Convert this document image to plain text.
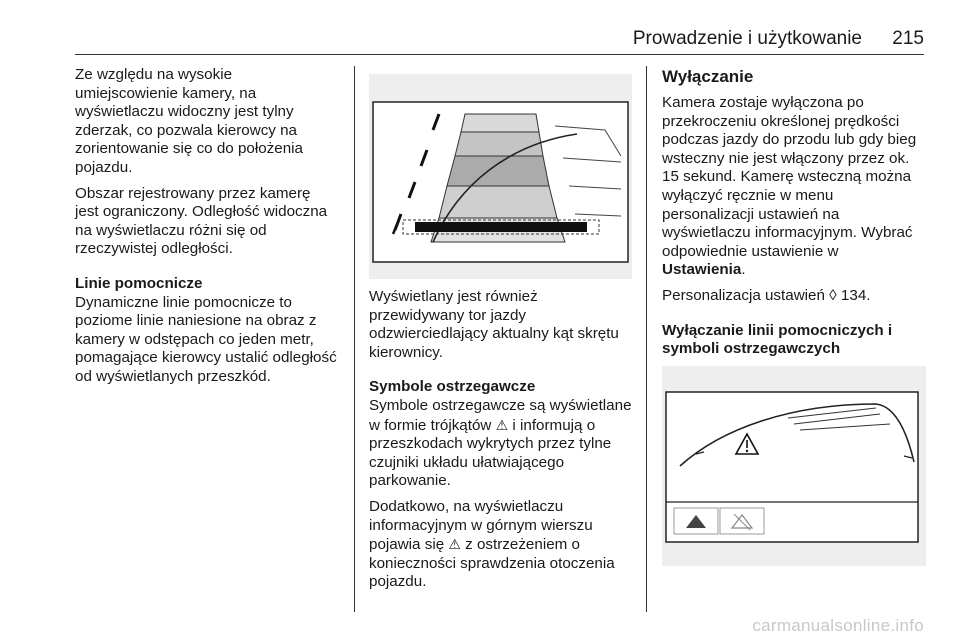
Prowadzenie i użytkowanie 215

Ze względu na wysokie umiejscowienie kamery, na wyświetlaczu widoczny jest tylny zderzak, co pozwala kierowcy na zorientowanie się co do położenia pojazdu.

Obszar rejestrowany przez kamerę jest ograniczony. Odległość widoczna na wyświetlaczu różni się od rzeczywistej odległości.

Linie pomocnicze

Dynamiczne linie pomocnicze to poziome linie naniesione na obraz z kamery w odstępach co jeden metr, pomagające kierowcy ustalić odległość od wyświetlanych przeszkód.

Wyświetlany jest również przewidywany tor jazdy odzwierciedlający aktualny kąt skrętu kierownicy.

Symbole ostrzegawcze

Symbole ostrzegawcze są wyświetlane w formie trójkątów ⚠ i informują o przeszkodach wykrytych przez tylne czujniki układu ułatwiającego parkowanie.

Dodatkowo, na wyświetlaczu informacyjnym w górnym wierszu pojawia się ⚠ z ostrzeżeniem o konieczności sprawdzenia otoczenia pojazdu.

Wyłączanie

Kamera zostaje wyłączona po przekroczeniu określonej prędkości podczas jazdy do przodu lub gdy bieg wsteczny nie jest włączony przez ok. 15 sekund. Kamerę wsteczną można wyłączyć ręcznie w menu personalizacji ustawień na wyświetlaczu informacyjnym. Wybrać odpowiednie ustawienie w Ustawienia.

Personalizacja ustawień ◊ 134.

Wyłączanie linii pomocniczych i symboli ostrzegawczych
carmanualsonline.info
